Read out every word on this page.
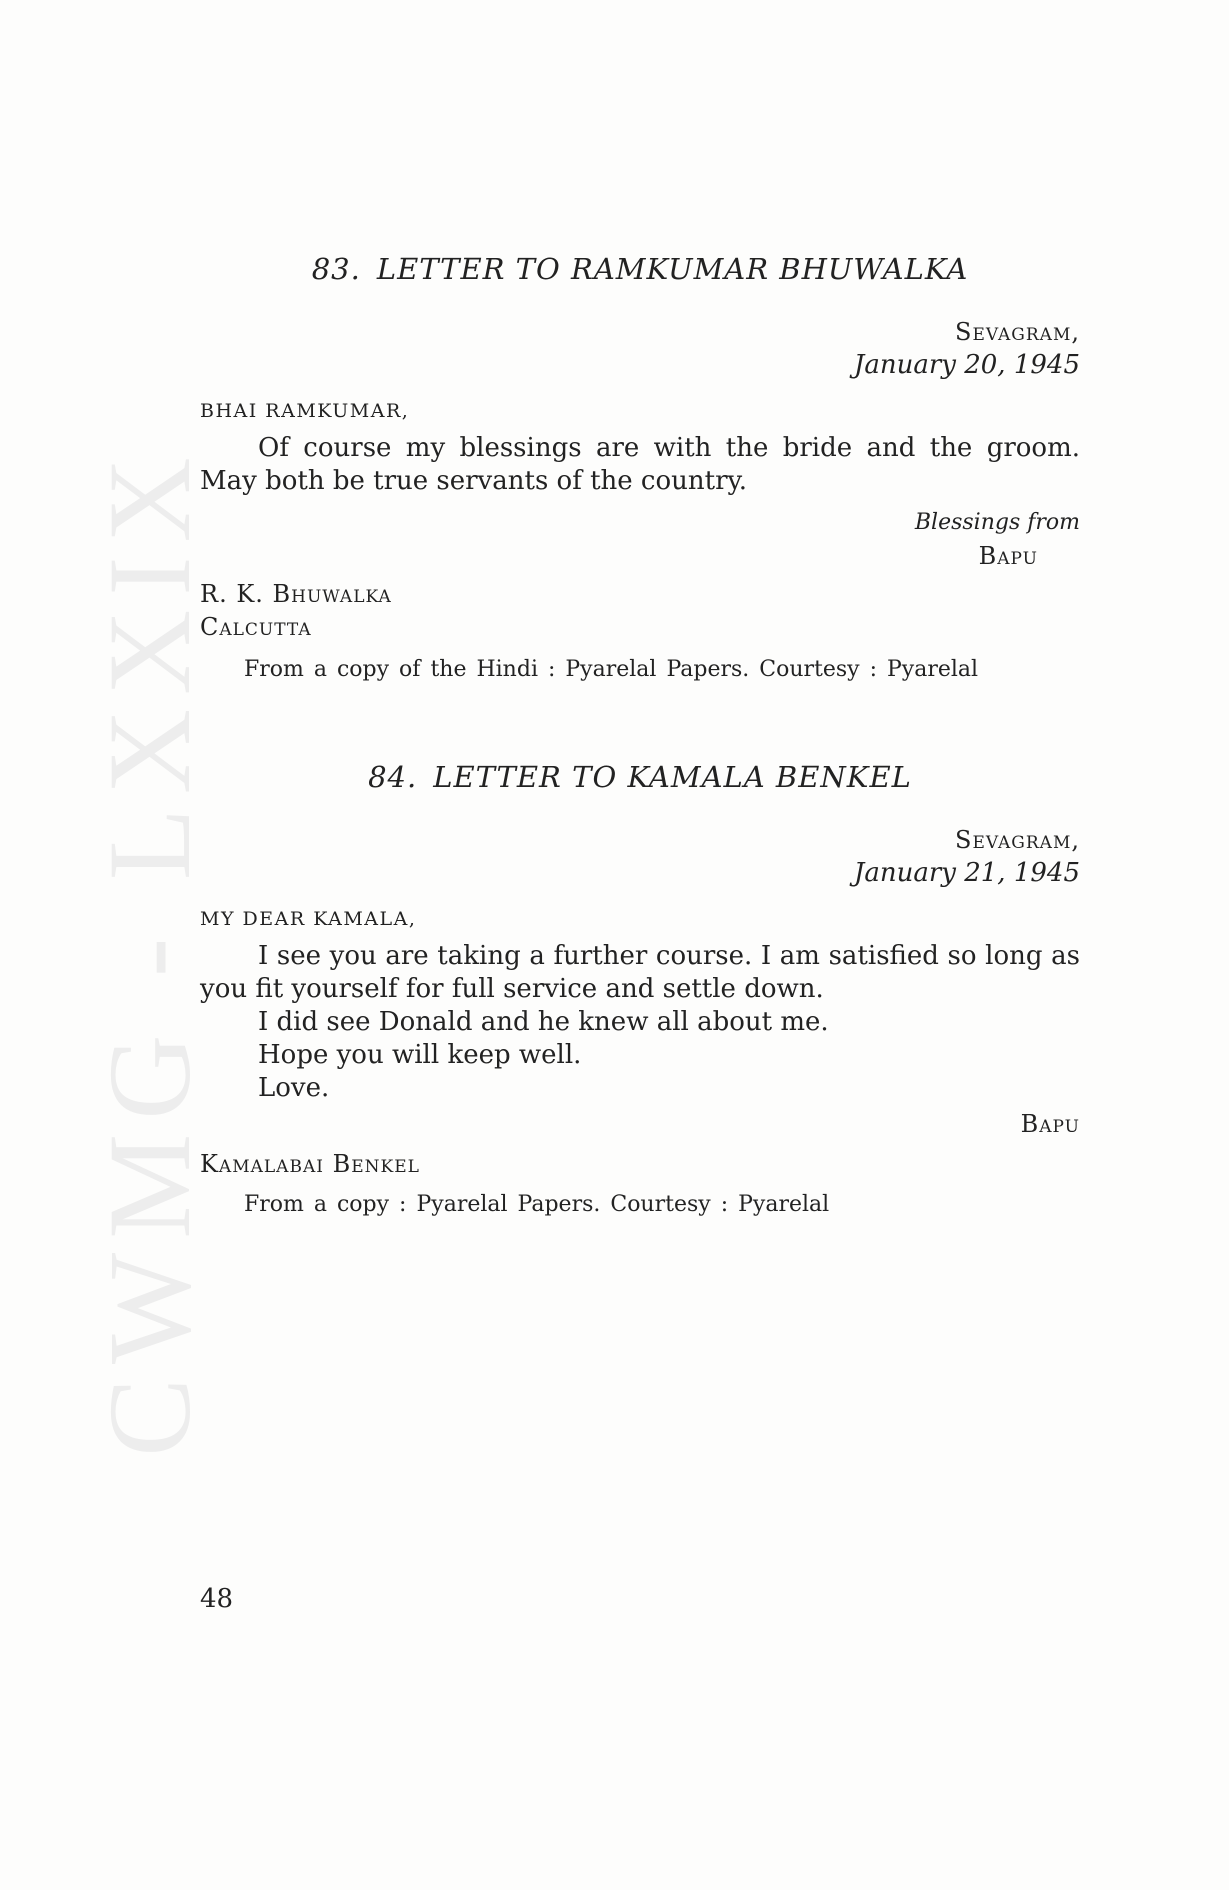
CWMG - LXXIX
83. LETTER TO RAMKUMAR BHUWALKA
Sevagram,
January 20, 1945
BHAI RAMKUMAR,
Of course my blessings are with the bride and the groom. May both be true servants of the country.
Blessings from
Bapu
R. K. Bhuwalka
Calcutta
From a copy of the Hindi : Pyarelal Papers. Courtesy : Pyarelal
84. LETTER TO KAMALA BENKEL
Sevagram,
January 21, 1945
MY DEAR KAMALA,
I see you are taking a further course. I am satisfied so long as you fit yourself for full service and settle down.
I did see Donald and he knew all about me.
Hope you will keep well.
Love.
Bapu
Kamalabai Benkel
From a copy : Pyarelal Papers. Courtesy : Pyarelal
48
